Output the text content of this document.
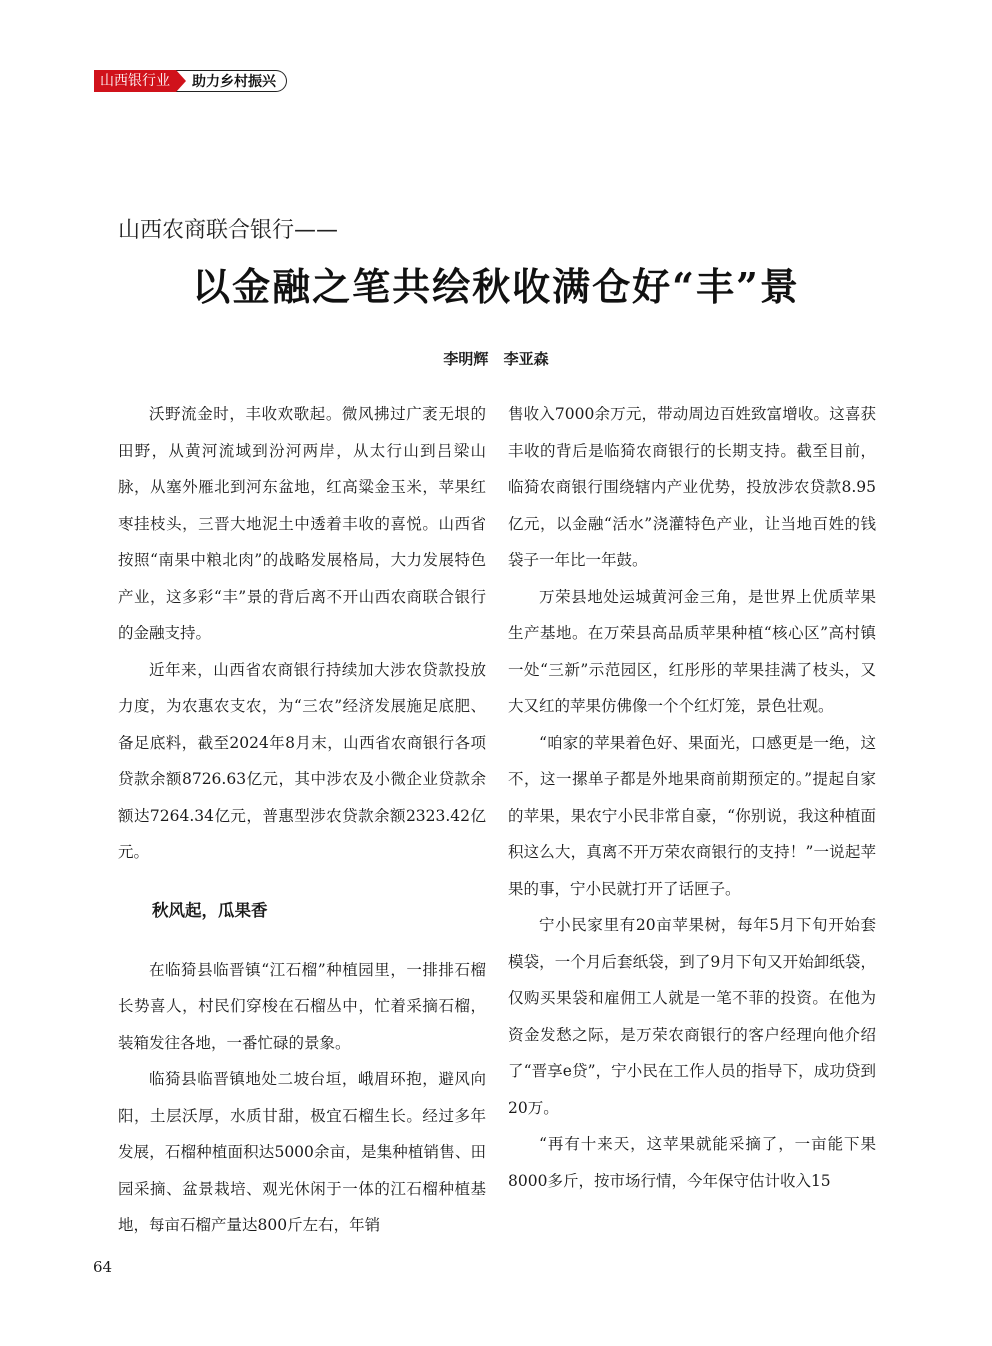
山西银行业	助力乡村振兴
山西农商联合银行——
以金融之笔共绘秋收满仓好“丰”景
李明辉 李亚森

沃野流金时，丰收欢歌起。微风拂过广袤无垠的田野，从黄河流域到汾河两岸，从太行山到吕梁山脉，从塞外雁北到河东盆地，红高粱金玉米，苹果红枣挂枝头，三晋大地泥土中透着丰收的喜悦。山西省按照“南果中粮北肉”的战略发展格局，大力发展特色产业，这多彩“丰”景的背后离不开山西农商联合银行的金融支持。

近年来，山西省农商银行持续加大涉农贷款投放力度，为农惠农支农，为“三农”经济发展施足底肥、备足底料，截至2024年8月末，山西省农商银行各项贷款余额8726.63亿元，其中涉农及小微企业贷款余额达7264.34亿元，普惠型涉农贷款余额2323.42亿元。

秋风起，瓜果香

在临猗县临晋镇“江石榴”种植园里，一排排石榴长势喜人，村民们穿梭在石榴丛中，忙着采摘石榴，装箱发往各地，一番忙碌的景象。

临猗县临晋镇地处二坡台垣，峨眉环抱，避风向阳，土层沃厚，水质甘甜，极宜石榴生长。经过多年发展，石榴种植面积达5000余亩，是集种植销售、田园采摘、盆景栽培、观光休闲于一体的江石榴种植基地，每亩石榴产量达800斤左右，年销

售收入7000余万元，带动周边百姓致富增收。这喜获丰收的背后是临猗农商银行的长期支持。截至目前，临猗农商银行围绕辖内产业优势，投放涉农贷款8.95亿元，以金融“活水”浇灌特色产业，让当地百姓的钱袋子一年比一年鼓。

万荣县地处运城黄河金三角，是世界上优质苹果生产基地。在万荣县高品质苹果种植“核心区”高村镇一处“三新”示范园区，红彤彤的苹果挂满了枝头，又大又红的苹果仿佛像一个个红灯笼，景色壮观。

“咱家的苹果着色好、果面光，口感更是一绝，这不，这一摞单子都是外地果商前期预定的。”提起自家的苹果，果农宁小民非常自豪，“你别说，我这种植面积这么大，真离不开万荣农商银行的支持！”一说起苹果的事，宁小民就打开了话匣子。

宁小民家里有20亩苹果树，每年5月下旬开始套模袋，一个月后套纸袋，到了9月下旬又开始卸纸袋，仅购买果袋和雇佣工人就是一笔不菲的投资。在他为资金发愁之际，是万荣农商银行的客户经理向他介绍了“晋享e贷”，宁小民在工作人员的指导下，成功贷到20万。

“再有十来天，这苹果就能采摘了，一亩能下果8000多斤，按市场行情，今年保守估计收入15

64
